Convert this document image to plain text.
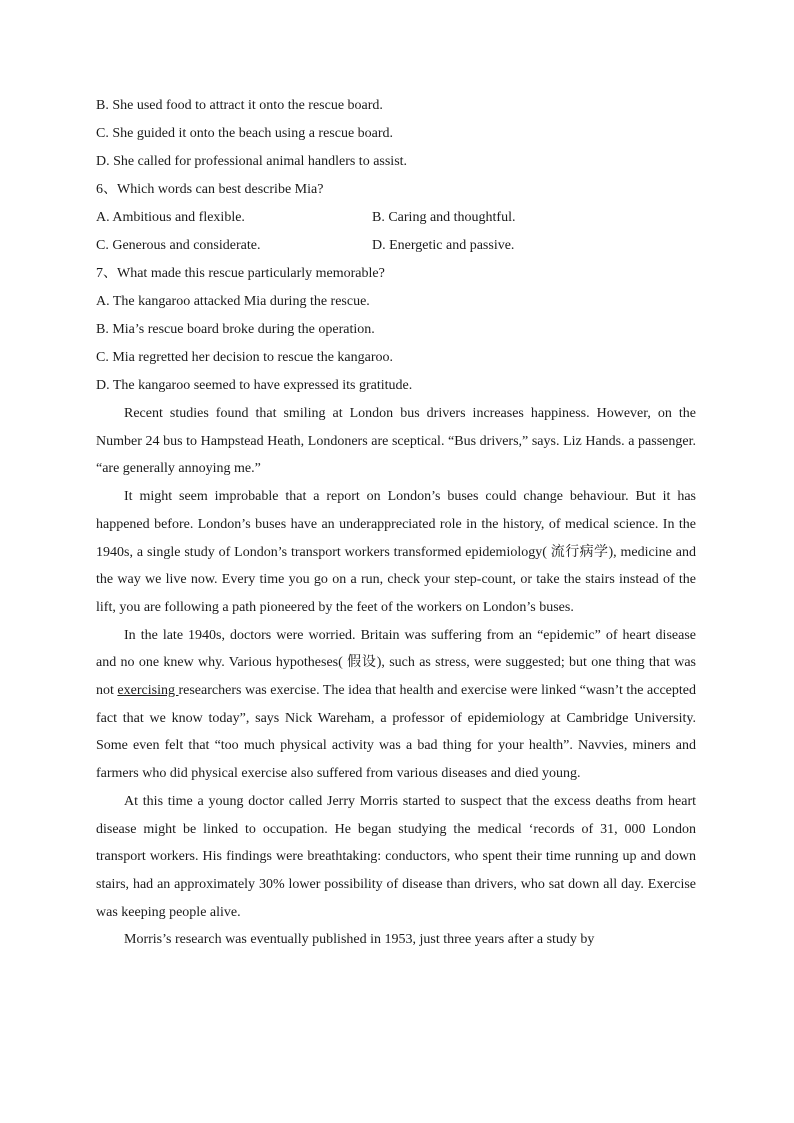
B. She used food to attract it onto the rescue board.
C. She guided it onto the beach using a rescue board.
D. She called for professional animal handlers to assist.
6、Which words can best describe Mia?
A. Ambitious and flexible.	B. Caring and thoughtful.
C. Generous and considerate.	D. Energetic and passive.
7、What made this rescue particularly memorable?
A. The kangaroo attacked Mia during the rescue.
B. Mia’s rescue board broke during the operation.
C. Mia regretted her decision to rescue the kangaroo.
D. The kangaroo seemed to have expressed its gratitude.

Recent studies found that smiling at London bus drivers increases happiness. However, on the Number 24 bus to Hampstead Heath, Londoners are sceptical. “Bus drivers,” says. Liz Hands. a passenger. “are generally annoying me.”

It might seem improbable that a report on London’s buses could change behaviour. But it has happened before. London’s buses have an underappreciated role in the history, of medical science. In the 1940s, a single study of London’s transport workers transformed epidemiology( 流行病学), medicine and the way we live now. Every time you go on a run, check your step-count, or take the stairs instead of the lift, you are following a path pioneered by the feet of the workers on London’s buses.

In the late 1940s, doctors were worried. Britain was suffering from an “epidemic” of heart disease and no one knew why. Various hypotheses( 假设), such as stress, were suggested; but one thing that was not exercising researchers was exercise. The idea that health and exercise were linked “wasn’t the accepted fact that we know today”, says Nick Wareham, a professor of epidemiology at Cambridge University. Some even felt that “too much physical activity was a bad thing for your health”. Navvies, miners and farmers who did physical exercise also suffered from various diseases and died young.

At this time a young doctor called Jerry Morris started to suspect that the excess deaths from heart disease might be linked to occupation. He began studying the medical ‘records of 31, 000 London transport workers. His findings were breathtaking: conductors, who spent their time running up and down stairs, had an approximately 30% lower possibility of disease than drivers, who sat down all day. Exercise was keeping people alive.

Morris’s research was eventually published in 1953, just three years after a study by
